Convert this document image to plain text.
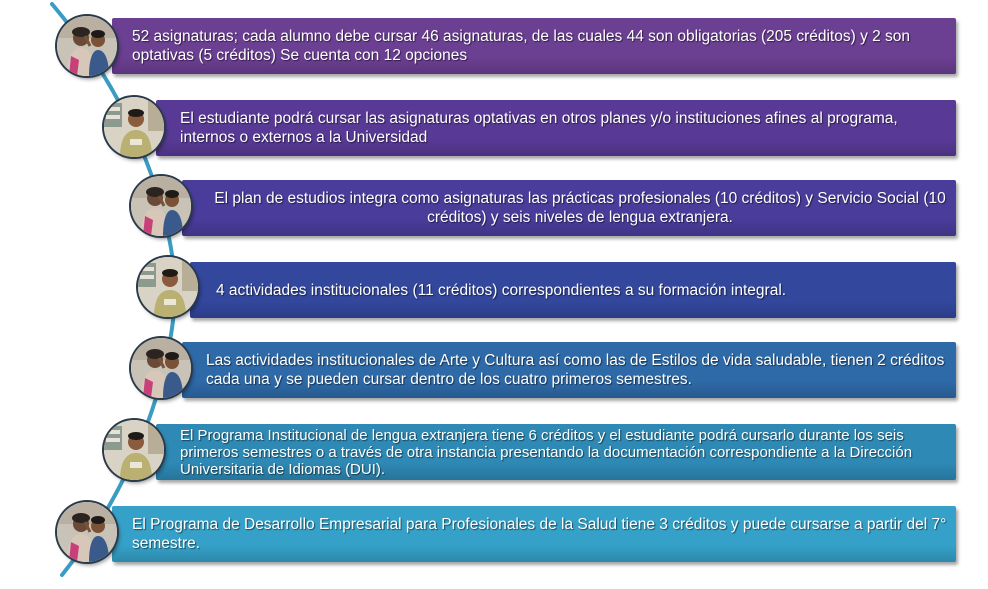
52 asignaturas; cada alumno debe cursar 46 asignaturas, de las cuales 44 son obligatorias (205 créditos) y 2 son optativas (5 créditos) Se cuenta con 12 opciones
El estudiante podrá cursar las asignaturas optativas en otros planes y/o instituciones afines al programa, internos o externos a la Universidad
El plan de estudios integra como asignaturas las prácticas profesionales (10 créditos) y Servicio Social (10 créditos) y seis niveles de lengua extranjera.
4 actividades institucionales (11 créditos) correspondientes a su formación integral.
Las actividades institucionales de Arte y Cultura así como las de Estilos de vida saludable, tienen 2 créditos cada una y se pueden cursar dentro de los cuatro primeros semestres.
El Programa Institucional de lengua extranjera tiene 6 créditos y el estudiante podrá cursarlo durante los seis primeros semestres o a través de otra instancia presentando la documentación correspondiente a la Dirección Universitaria de Idiomas (DUI).
El Programa de Desarrollo Empresarial para Profesionales de la Salud tiene 3 créditos y puede cursarse a partir del 7° semestre.
